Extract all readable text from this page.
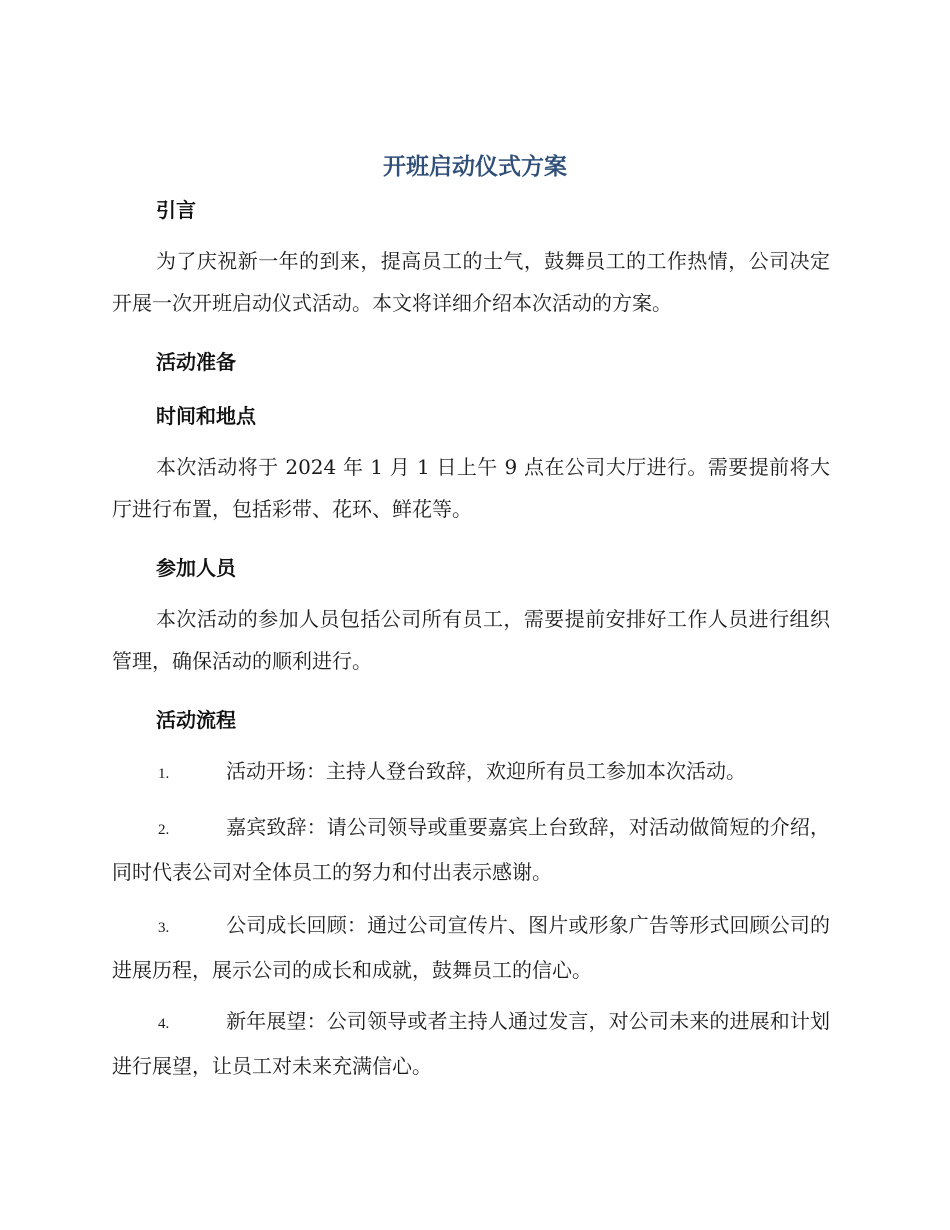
开班启动仪式方案
引言

为了庆祝新一年的到来，提高员工的士气，鼓舞员工的工作热情，公司决定开展一次开班启动仪式活动。本文将详细介绍本次活动的方案。

活动准备
时间和地点

本次活动将于 2024 年 1 月 1 日上午 9 点在公司大厅进行。需要提前将大厅进行布置，包括彩带、花环、鲜花等。

参加人员

本次活动的参加人员包括公司所有员工，需要提前安排好工作人员进行组织管理，确保活动的顺利进行。

活动流程

1.	活动开场：主持人登台致辞，欢迎所有员工参加本次活动。

2.	嘉宾致辞：请公司领导或重要嘉宾上台致辞，对活动做简短的介绍，同时代表公司对全体员工的努力和付出表示感谢。

3.	公司成长回顾：通过公司宣传片、图片或形象广告等形式回顾公司的进展历程，展示公司的成长和成就，鼓舞员工的信心。

4.	新年展望：公司领导或者主持人通过发言，对公司未来的进展和计划进行展望，让员工对未来充满信心。
